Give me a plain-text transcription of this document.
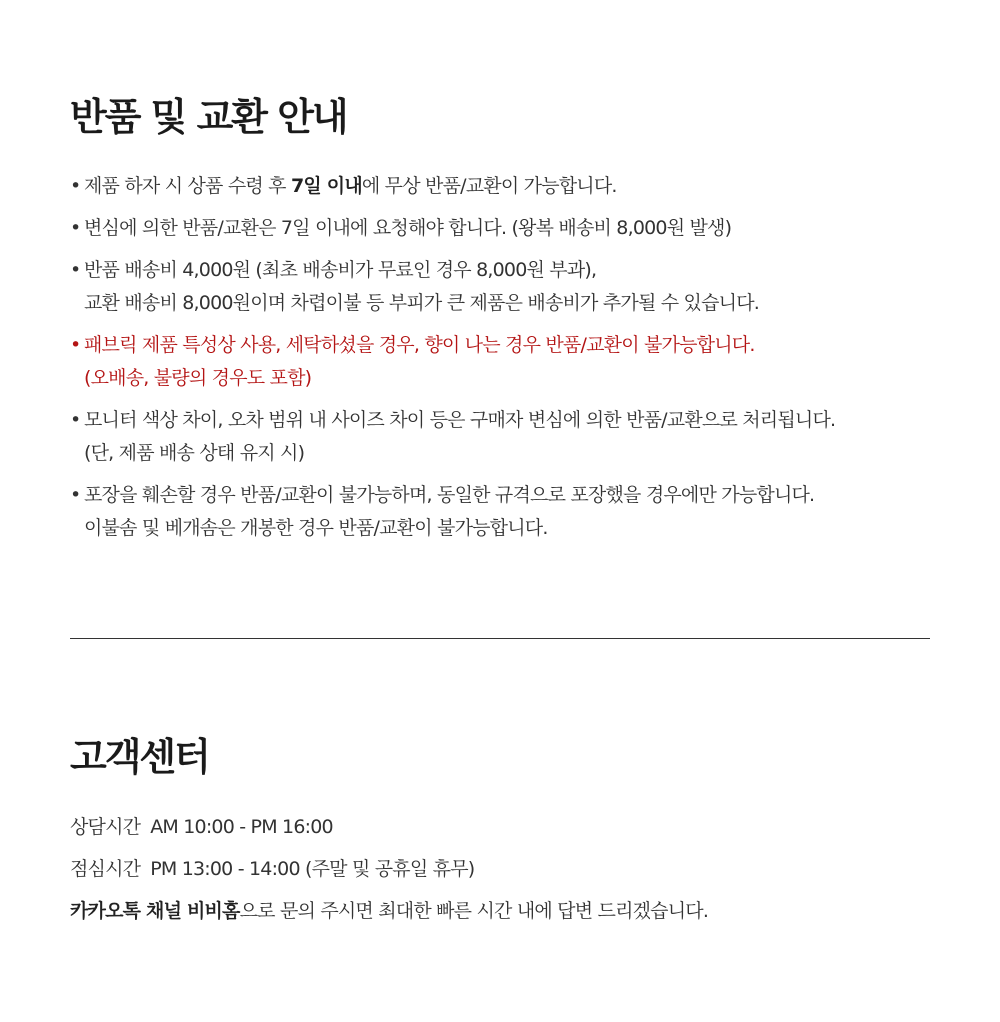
반품 및 교환 안내
• 제품 하자 시 상품 수령 후 7일 이내에 무상 반품/교환이 가능합니다.
• 변심에 의한 반품/교환은 7일 이내에 요청해야 합니다. (왕복 배송비 8,000원 발생)
• 반품 배송비 4,000원 (최초 배송비가 무료인 경우 8,000원 부과),
교환 배송비 8,000원이며 차렵이불 등 부피가 큰 제품은 배송비가 추가될 수 있습니다.
• 패브릭 제품 특성상 사용, 세탁하셨을 경우, 향이 나는 경우 반품/교환이 불가능합니다.
(오배송, 불량의 경우도 포함)
• 모니터 색상 차이, 오차 범위 내 사이즈 차이 등은 구매자 변심에 의한 반품/교환으로 처리됩니다.
(단, 제품 배송 상태 유지 시)
• 포장을 훼손할 경우 반품/교환이 불가능하며, 동일한 규격으로 포장했을 경우에만 가능합니다.
이불솜 및 베개솜은 개봉한 경우 반품/교환이 불가능합니다.
고객센터
상담시간 AM 10:00 - PM 16:00
점심시간 PM 13:00 - 14:00 (주말 및 공휴일 휴무)
카카오톡 채널 비비홈으로 문의 주시면 최대한 빠른 시간 내에 답변 드리겠습니다.
